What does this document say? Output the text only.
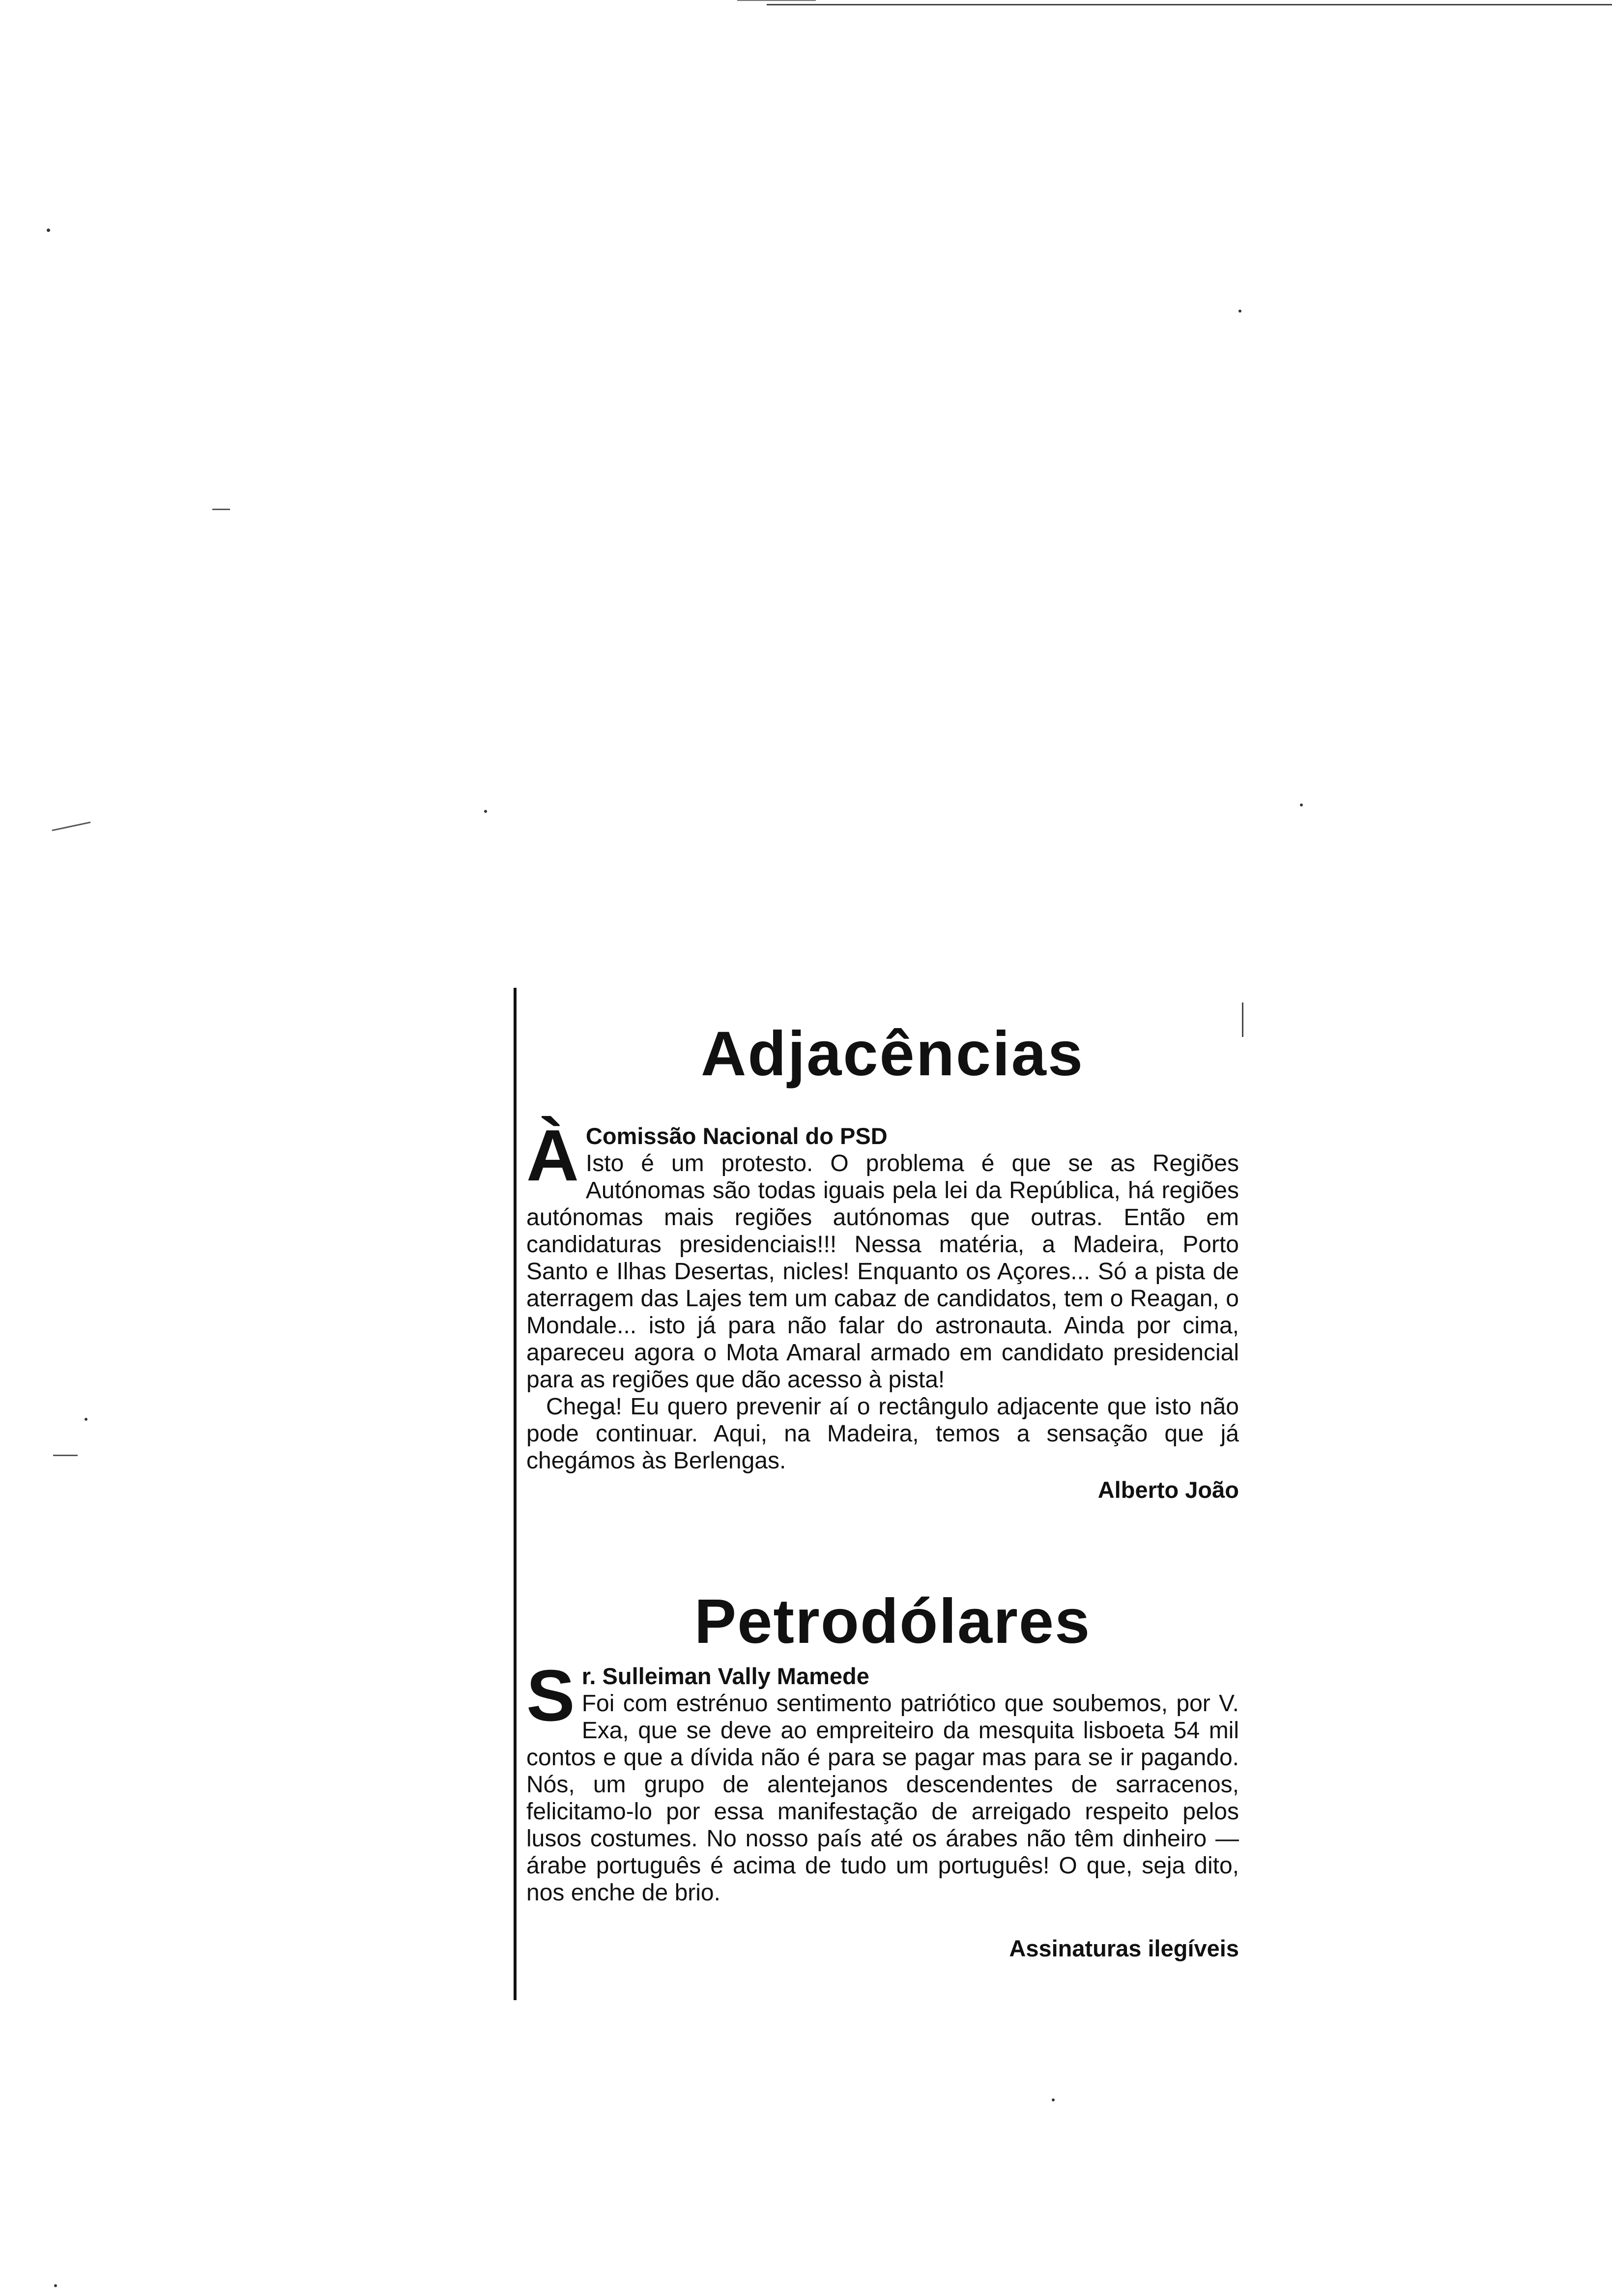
Adjacências
À Comissão Nacional do PSD

Isto é um protesto. O problema é que se as Regiões Autónomas são todas iguais pela lei da República, há regiões autónomas mais regiões autónomas que outras. Então em candidaturas presidenciais!!! Nessa matéria, a Madeira, Porto Santo e Ilhas Desertas, nicles! Enquanto os Açores... Só a pista de aterragem das Lajes tem um cabaz de candidatos, tem o Reagan, o Mondale... isto já para não falar do astronauta. Ainda por cima, apareceu agora o Mota Amaral armado em candidato presidencial para as regiões que dão acesso à pista!

Chega! Eu quero prevenir aí o rectângulo adjacente que isto não pode continuar. Aqui, na Madeira, temos a sensação que já chegámos às Berlengas.

Alberto João

Petrodólares
S r. Sulleiman Vally Mamede

Foi com estrénuo sentimento patriótico que soubemos, por V. Exa, que se deve ao empreiteiro da mesquita lisboeta 54 mil contos e que a dívida não é para se pagar mas para se ir pagando. Nós, um grupo de alentejanos descendentes de sarracenos, felicitamo-lo por essa manifestação de arreigado respeito pelos lusos costumes. No nosso país até os árabes não têm dinheiro — árabe português é acima de tudo um português! O que, seja dito, nos enche de brio.

Assinaturas ilegíveis
